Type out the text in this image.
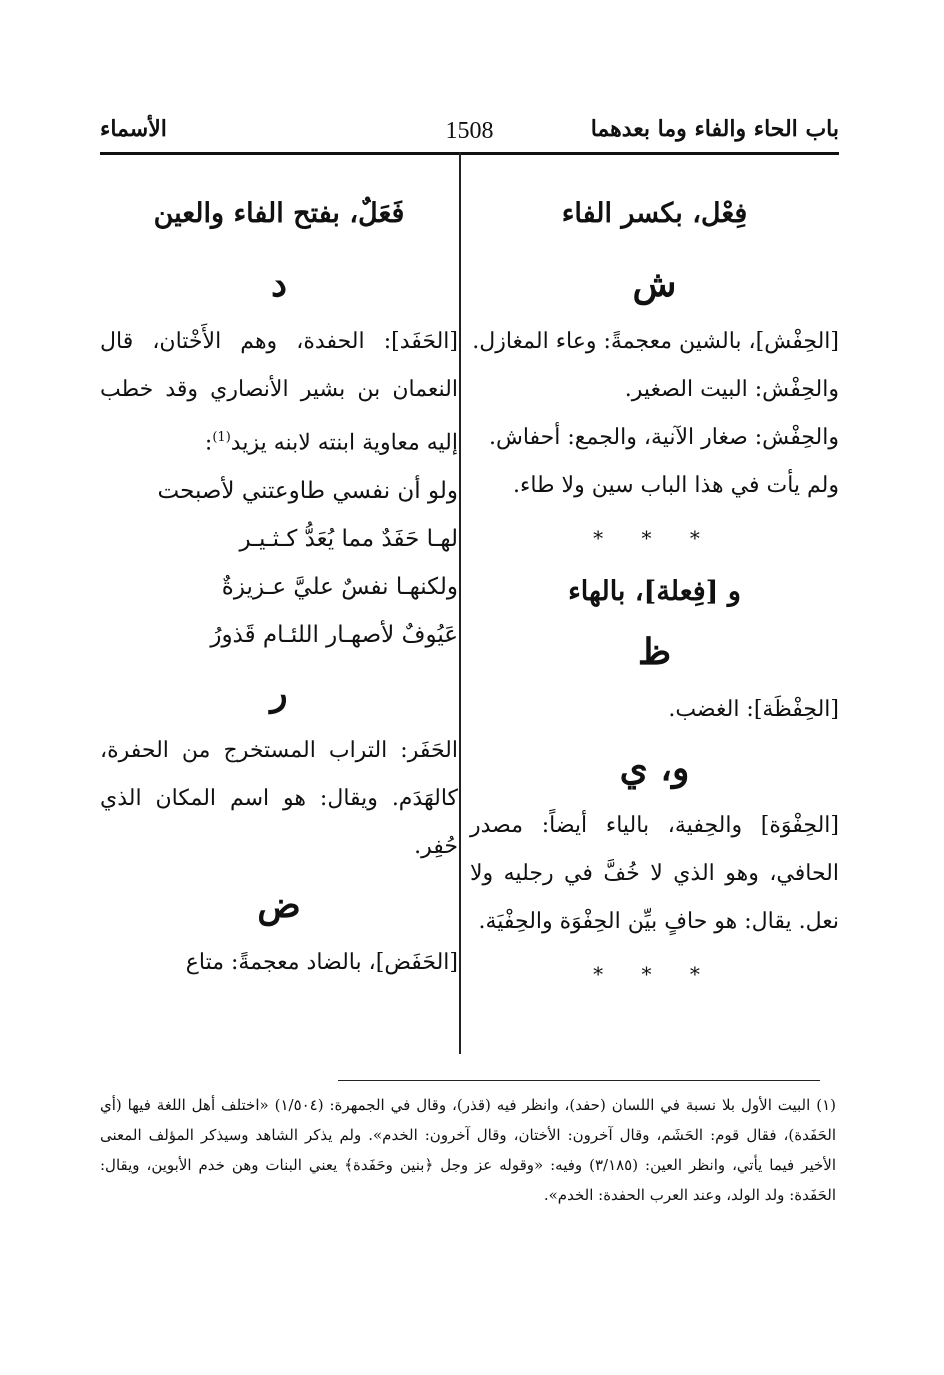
باب الحاء والفاء وما بعدهما
1508
الأسماء
فِعْل، بكسر الفاء
ش

[الحِفْش]، بالشين معجمةً: وعاء المغازل.

والحِفْش: البيت الصغير.

والحِفْش: صغار الآنية، والجمع: أحفاش.

ولم يأت في هذا الباب سين ولا طاء.

* * *
و [فِعلة]، بالهاء
ظ

[الحِفْظَة]: الغضب.

و، ي

[الحِفْوَة] والحِفية، بالياء أيضاً: مصدر الحافي، وهو الذي لا خُفَّ في رجليه ولا نعل. يقال: هو حافٍ بيِّن الحِفْوَة والحِفْيَة.

* * *
فَعَلٌ، بفتح الفاء والعين
د

[الحَفَد]: الحفدة، وهم الأَخْتان، قال النعمان بن بشير الأنصاري وقد خطب إليه معاوية ابنته لابنه يزيد$^{(1)}$:

ولو أن نفسي طاوعتني لأصبحت

لهـا حَفَدٌ مما يُعَدُّ كـثـيـر

ولكنهـا نفسٌ عليَّ عـزيزةٌ

عَيُوفٌ لأصهـار اللئـام قَذورُ

ر

الحَفَر: التراب المستخرج من الحفرة، كالهَدَم. ويقال: هو اسم المكان الذي حُفِر.

ض

[الحَفَض]، بالضاد معجمةً: متاع

(١) البيت الأول بلا نسبة في اللسان (حفد)، وانظر فيه (قذر)، وقال في الجمهرة: (١/٥٠٤) «اختلف أهل اللغة فيها (أي الحَفَدة)، فقال قوم: الحَشَم، وقال آخرون: الأختان، وقال آخرون: الخدم». ولم يذكر الشاهد وسيذكر المؤلف المعنى الأخير فيما يأتي، وانظر العين: (٣/١٨٥) وفيه: «وقوله عز وجل ﴿بنين وحَفَدة﴾ يعني البنات وهن خدم الأبوين، ويقال: الحَفَدة: ولد الولد، وعند العرب الحفدة: الخدم».
